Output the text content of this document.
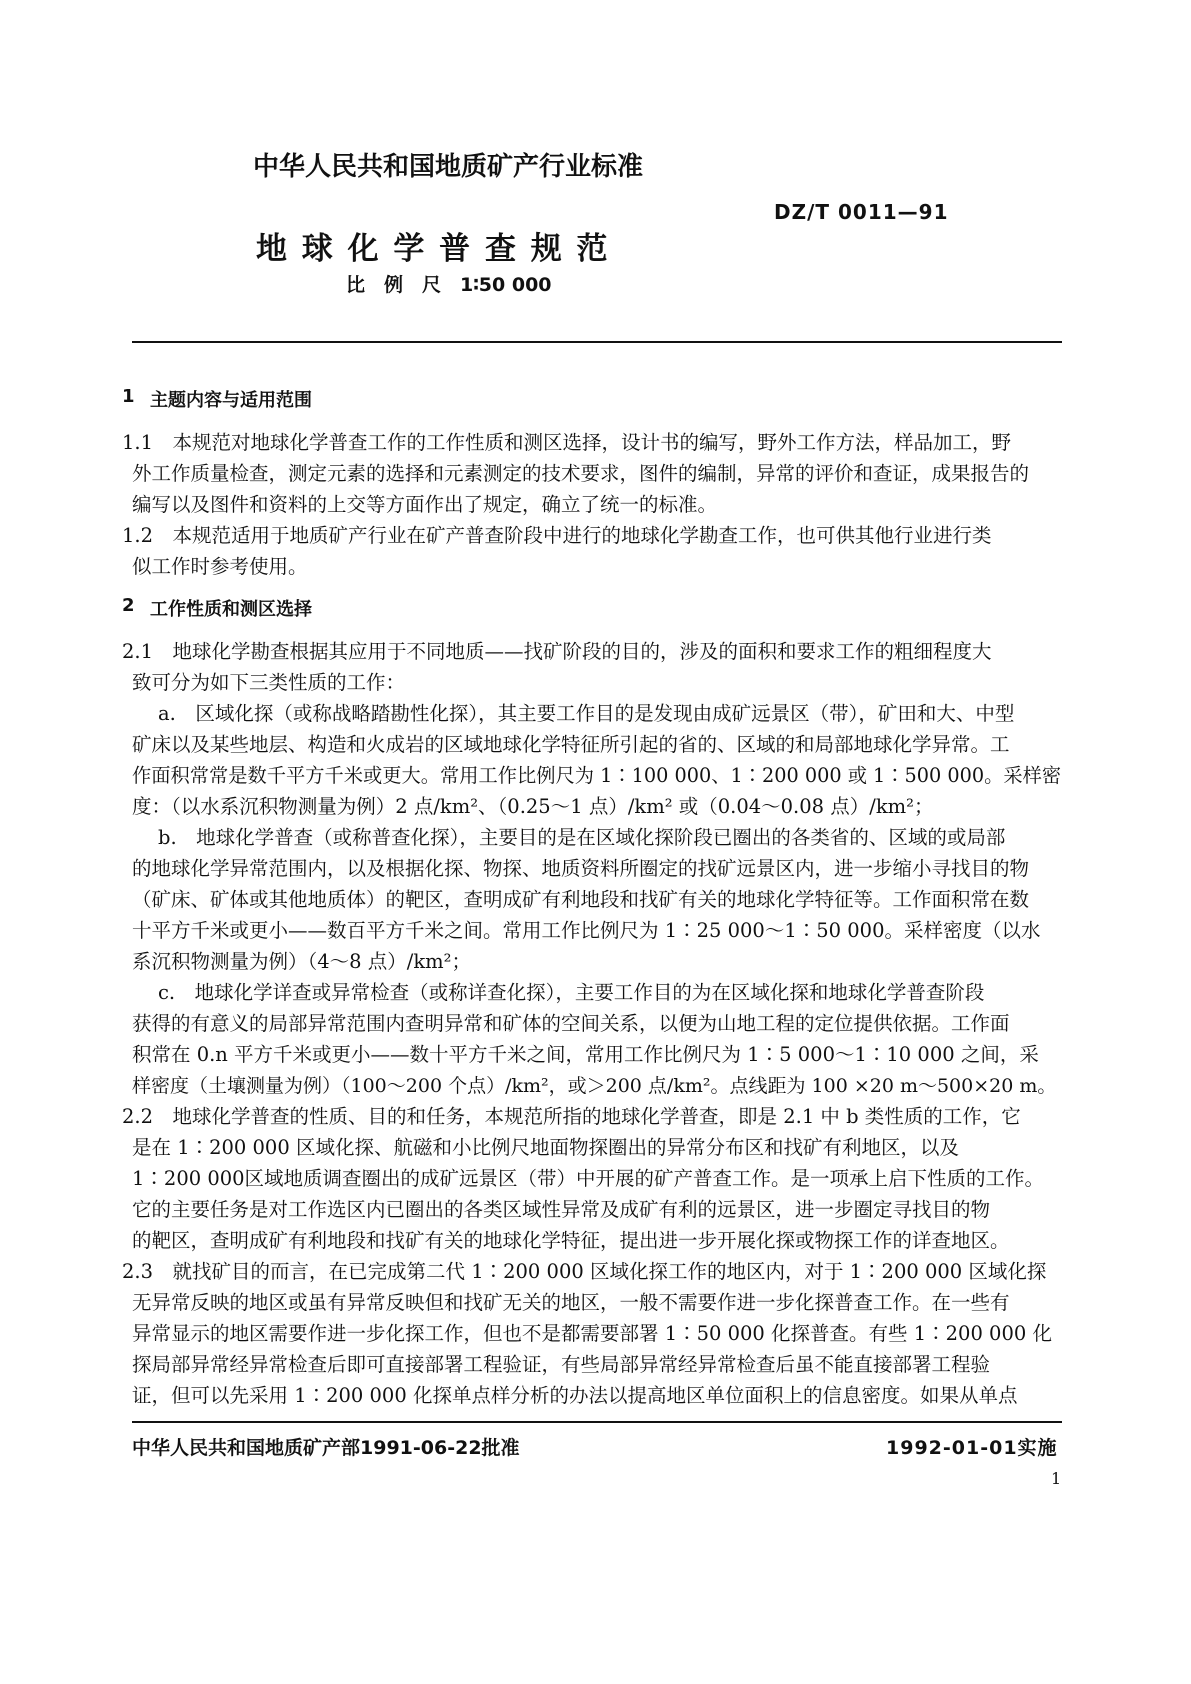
中华人民共和国地质矿产行业标准
DZ/T 0011—91
地 球 化 学 普 查 规 范
比　例　尺　1∶50 000
1 主题内容与适用范围
1.1　本规范对地球化学普查工作的工作性质和测区选择，设计书的编写，野外工作方法，样品加工，野
外工作质量检查，测定元素的选择和元素测定的技术要求，图件的编制，异常的评价和查证，成果报告的
编写以及图件和资料的上交等方面作出了规定，确立了统一的标准。
1.2　本规范适用于地质矿产行业在矿产普查阶段中进行的地球化学勘查工作，也可供其他行业进行类
似工作时参考使用。
2 工作性质和测区选择
2.1　地球化学勘查根据其应用于不同地质——找矿阶段的目的，涉及的面积和要求工作的粗细程度大
致可分为如下三类性质的工作：
a.　区域化探（或称战略踏勘性化探），其主要工作目的是发现由成矿远景区（带），矿田和大、中型
矿床以及某些地层、构造和火成岩的区域地球化学特征所引起的省的、区域的和局部地球化学异常。工
作面积常常是数千平方千米或更大。常用工作比例尺为 1∶100 000、1∶200 000 或 1∶500 000。采样密
度：（以水系沉积物测量为例）2 点/km²、（0.25～1 点）/km² 或（0.04～0.08 点）/km²；
b.　地球化学普查（或称普查化探），主要目的是在区域化探阶段已圈出的各类省的、区域的或局部
的地球化学异常范围内，以及根据化探、物探、地质资料所圈定的找矿远景区内，进一步缩小寻找目的物
（矿床、矿体或其他地质体）的靶区，查明成矿有利地段和找矿有关的地球化学特征等。工作面积常在数
十平方千米或更小——数百平方千米之间。常用工作比例尺为 1∶25 000～1∶50 000。采样密度（以水
系沉积物测量为例）（4～8 点）/km²；
c.　地球化学详查或异常检查（或称详查化探），主要工作目的为在区域化探和地球化学普查阶段
获得的有意义的局部异常范围内查明异常和矿体的空间关系，以便为山地工程的定位提供依据。工作面
积常在 0.n 平方千米或更小——数十平方千米之间，常用工作比例尺为 1∶5 000～1∶10 000 之间，采
样密度（土壤测量为例）（100～200 个点）/km²，或＞200 点/km²。点线距为 100 ×20 m～500×20 m。
2.2　地球化学普查的性质、目的和任务，本规范所指的地球化学普查，即是 2.1 中 b 类性质的工作，它
是在 1∶200 000 区域化探、航磁和小比例尺地面物探圈出的异常分布区和找矿有利地区，以及
1∶200 000区域地质调查圈出的成矿远景区（带）中开展的矿产普查工作。是一项承上启下性质的工作。
它的主要任务是对工作选区内已圈出的各类区域性异常及成矿有利的远景区，进一步圈定寻找目的物
的靶区，查明成矿有利地段和找矿有关的地球化学特征，提出进一步开展化探或物探工作的详查地区。
2.3　就找矿目的而言，在已完成第二代 1∶200 000 区域化探工作的地区内，对于 1∶200 000 区域化探
无异常反映的地区或虽有异常反映但和找矿无关的地区，一般不需要作进一步化探普查工作。在一些有
异常显示的地区需要作进一步化探工作，但也不是都需要部署 1∶50 000 化探普查。有些 1∶200 000 化
探局部异常经异常检查后即可直接部署工程验证，有些局部异常经异常检查后虽不能直接部署工程验
证，但可以先采用 1∶200 000 化探单点样分析的办法以提高地区单位面积上的信息密度。如果从单点
中华人民共和国地质矿产部1991-06-22批准	1992-01-01实施
1
